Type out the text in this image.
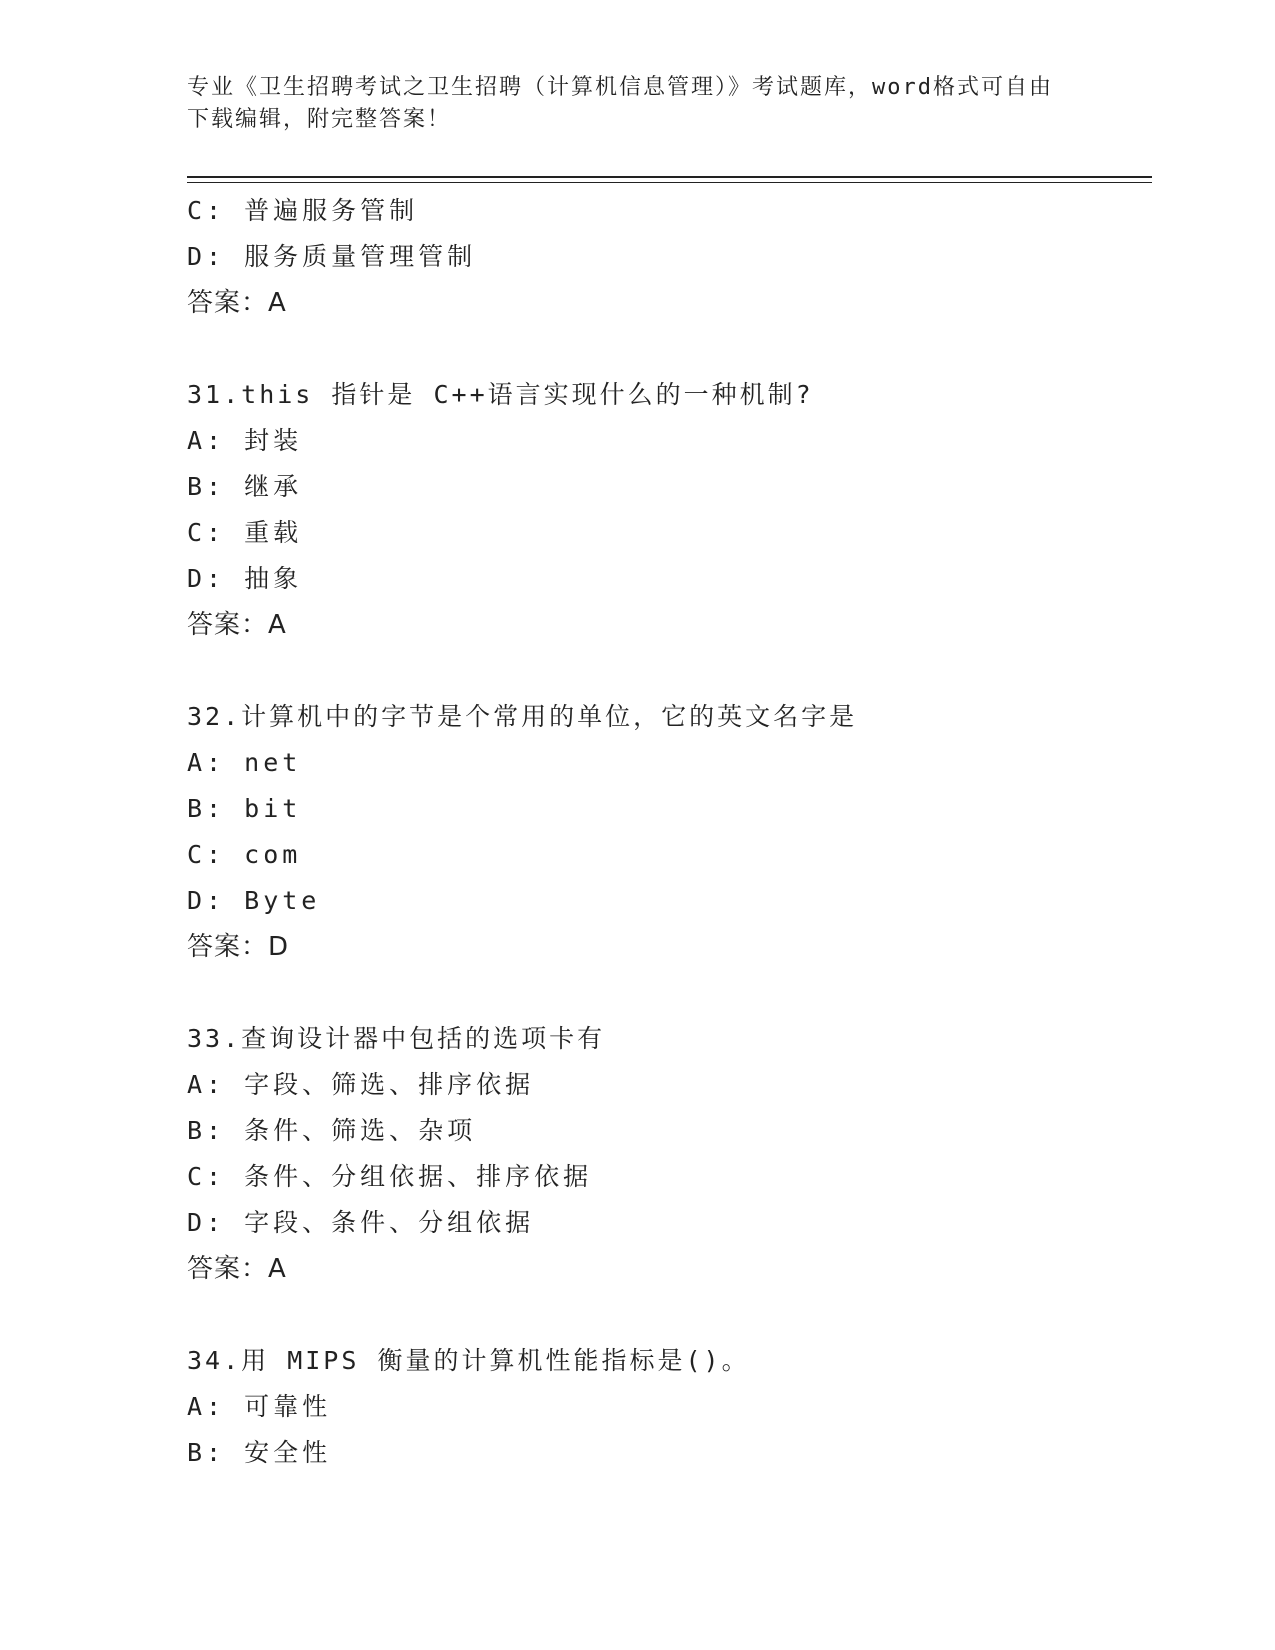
专业《卫生招聘考试之卫生招聘（计算机信息管理）》考试题库，word格式可自由下载编辑，附完整答案！
C: 普遍服务管制
D: 服务质量管理管制
答案：A
31.this 指针是 C++语言实现什么的一种机制?
A: 封装
B: 继承
C: 重载
D: 抽象
答案：A
32.计算机中的字节是个常用的单位，它的英文名字是
A: net
B: bit
C: com
D: Byte
答案：D
33.查询设计器中包括的选项卡有
A: 字段、筛选、排序依据
B: 条件、筛选、杂项
C: 条件、分组依据、排序依据
D: 字段、条件、分组依据
答案：A
34.用 MIPS 衡量的计算机性能指标是()。
A: 可靠性
B: 安全性
